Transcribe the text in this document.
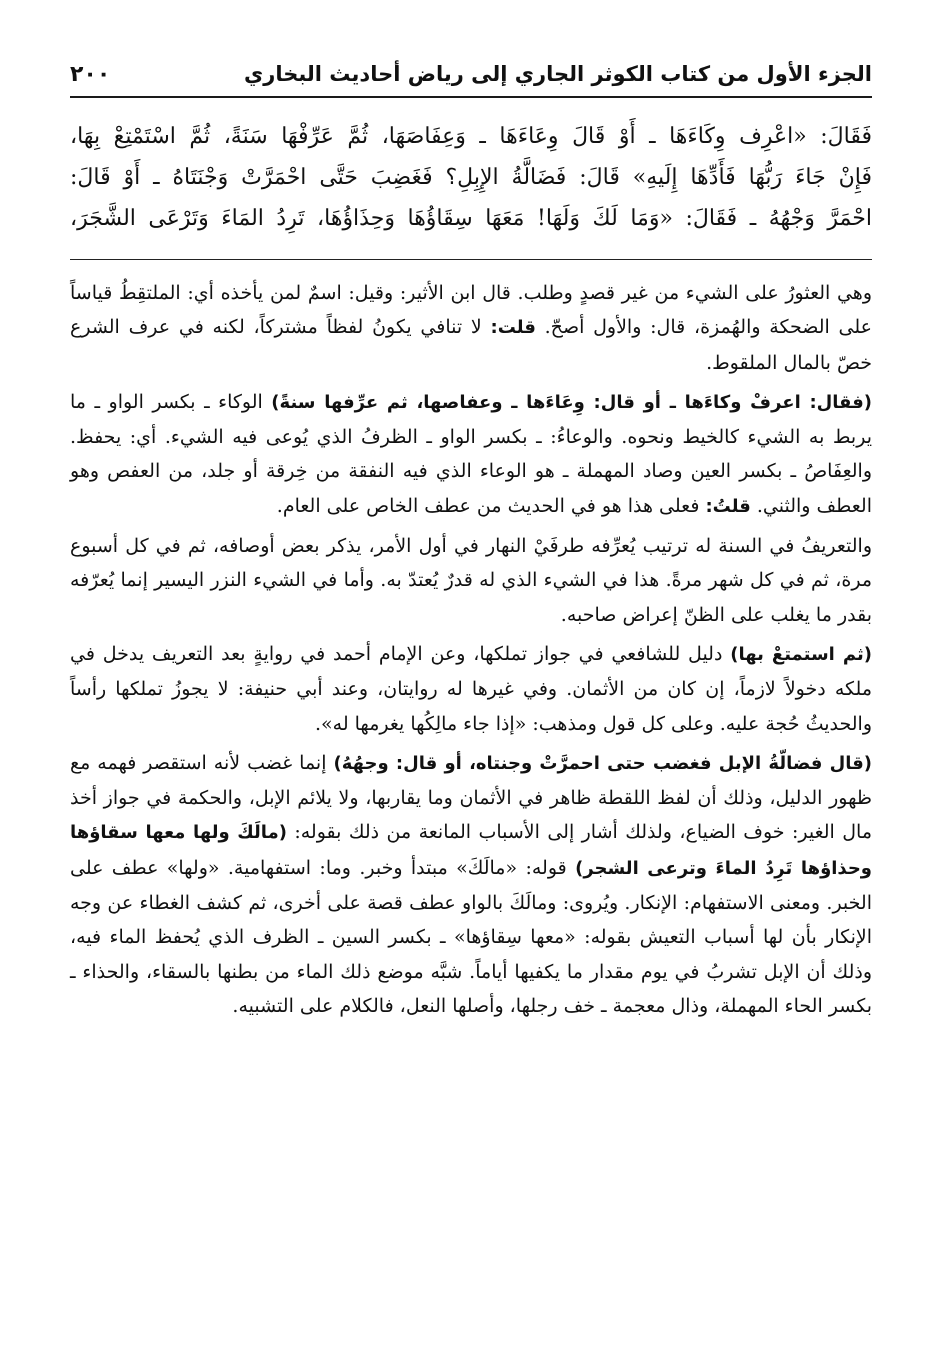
الجزء الأول من كتاب الكوثر الجاري إلى رياض أحاديث البخاري
٢٠٠
فَقَالَ: «اعْرِف وِكَاءَهَا ـ أَوْ قَالَ وِعَاءَهَا ـ وَعِفَاصَهَا، ثُمَّ عَرِّفْهَا سَنَةً، ثُمَّ اسْتَمْتِعْ بِهَا،
فَإِنْ جَاءَ رَبُّهَا فَأَدِّهَا إِلَيهِ» قَالَ: فَضَالَّةُ الإِبِلِ؟ فَغَضِبَ حَتَّى احْمَرَّتْ وَجْنَتَاهُ ـ أَوْ قَالَ:
احْمَرَّ وَجْهُهُ ـ فَقَالَ: «وَمَا لَكَ وَلَهَا! مَعَهَا سِقَاؤُهَا وَحِذَاؤُهَا، تَرِدُ المَاءَ وَتَرْعَى الشَّجَرَ،

وهي العثورُ على الشيء من غير قصدٍ وطلب. قال ابن الأثير: وقيل: اسمٌ لمن يأخذه أي: الملتقِطُ قياساً على الضحكة والهُمزة، قال: والأول أصحّ. قلت: لا تنافي يكونُ لفظاً مشتركاً، لكنه في عرف الشرع خصّ بالمال الملقوط.

(فقال: اعرفْ وكاءَها ـ أو قال: وِعَاءَها ـ وعفاصها، ثم عرِّفها سنةً) الوكاء ـ بكسر الواو ـ ما يربط به الشيء كالخيط ونحوه. والوعاءُ: ـ بكسر الواو ـ الظرفُ الذي يُوعى فيه الشيء. أي: يحفظ. والعِفَاصُ ـ بكسر العين وصاد المهملة ـ هو الوعاء الذي فيه النفقة من خِرقة أو جلد، من العفص وهو العطف والثني. قلتُ: فعلى هذا هو في الحديث من عطف الخاص على العام.

والتعريفُ في السنة له ترتيب يُعرِّفه طرفَيْ النهار في أول الأمر، يذكر بعض أوصافه، ثم في كل أسبوع مرة، ثم في كل شهر مرةً. هذا في الشيء الذي له قدرٌ يُعتدّ به. وأما في الشيء النزر اليسير إنما يُعرّفه بقدر ما يغلب على الظنّ إعراض صاحبه.

(ثم استمتعْ بها) دليل للشافعي في جواز تملكها، وعن الإمام أحمد في روايةٍ بعد التعريف يدخل في ملكه دخولاً لازماً، إن كان من الأثمان. وفي غيرها له روايتان، وعند أبي حنيفة: لا يجوزُ تملكها رأساً والحديثُ حُجة عليه. وعلى كل قول ومذهب: «إذا جاء مالِكُها يغرمها له».

(قال فضالّةُ الإبل فغضب حتى احمرَّتْ وجنتاه، أو قال: وجهُهُ) إنما غضب لأنه استقصر فهمه مع ظهور الدليل، وذلك أن لفظ اللقطة ظاهر في الأثمان وما يقاربها، ولا يلائم الإبل، والحكمة في جواز أخذ مال الغير: خوف الضياع، ولذلك أشار إلى الأسباب المانعة من ذلك بقوله: (مالَكَ ولها معها سقاؤها وحذاؤها تَرِدُ الماءَ وترعى الشجر) قوله: «مالَكَ» مبتدأ وخبر. وما: استفهامية. «ولها» عطف على الخبر. ومعنى الاستفهام: الإنكار. ويُروى: ومالَكَ بالواو عطف قصة على أخرى، ثم كشف الغطاء عن وجه الإنكار بأن لها أسباب التعيش بقوله: «معها سِقاؤها» ـ بكسر السين ـ الظرف الذي يُحفظ الماء فيه، وذلك أن الإبل تشربُ في يوم مقدار ما يكفيها أياماً. شبَّه موضع ذلك الماء من بطنها بالسقاء، والحذاء ـ بكسر الحاء المهملة، وذال معجمة ـ خف رجلها، وأصلها النعل، فالكلام على التشبيه.
